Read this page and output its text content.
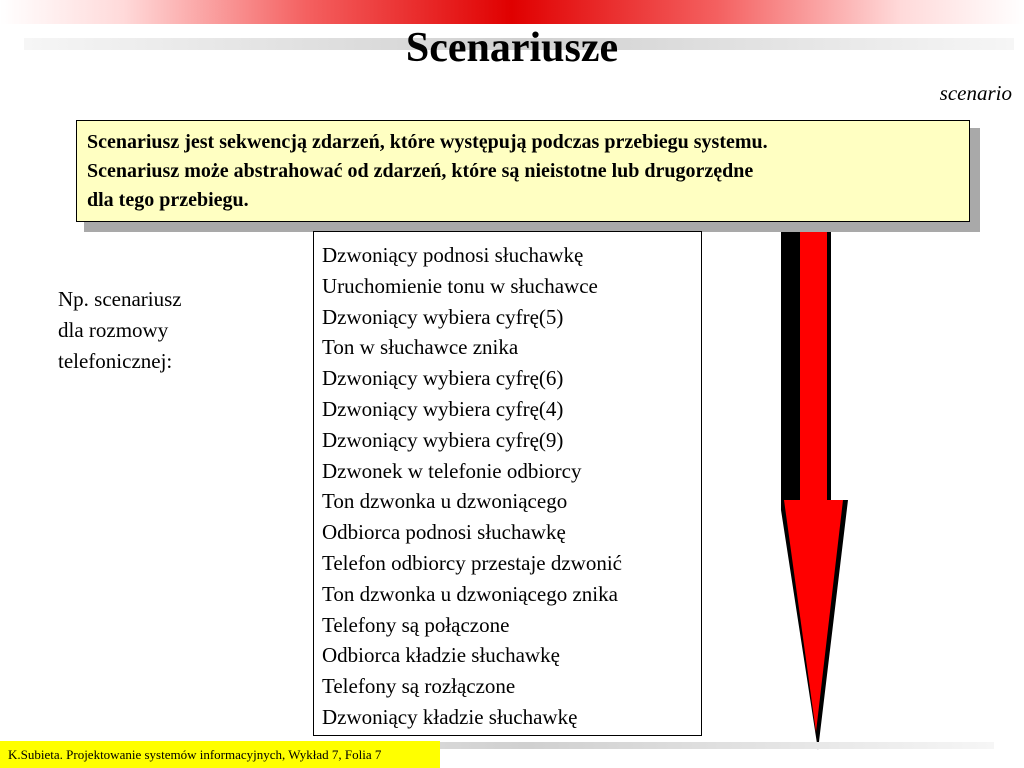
Scenariusze
scenario
Scenariusz jest sekwencją zdarzeń, które występują podczas przebiegu systemu.
Scenariusz może abstrahować od zdarzeń, które są nieistotne lub drugorzędne
dla tego przebiegu.
Np. scenariusz
dla rozmowy
telefonicznej:
Dzwoniący podnosi słuchawkę
Uruchomienie tonu w słuchawce
Dzwoniący wybiera cyfrę(5)
Ton w słuchawce znika
Dzwoniący wybiera cyfrę(6)
Dzwoniący wybiera cyfrę(4)
Dzwoniący wybiera cyfrę(9)
Dzwonek w telefonie odbiorcy
Ton dzwonka u dzwoniącego
Odbiorca podnosi słuchawkę
Telefon odbiorcy przestaje dzwonić
Ton dzwonka u dzwoniącego znika
Telefony są połączone
Odbiorca kładzie słuchawkę
Telefony są rozłączone
Dzwoniący kładzie słuchawkę
K.Subieta. Projektowanie systemów informacyjnych, Wykład 7, Folia 7
